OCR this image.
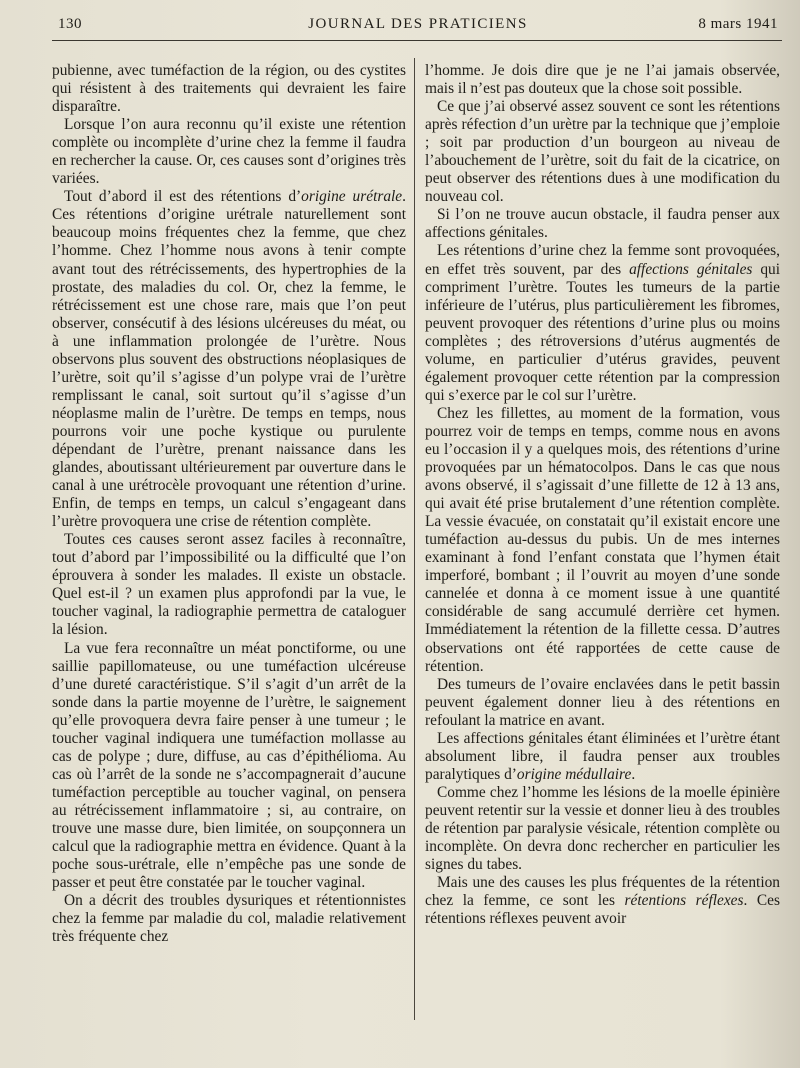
130	JOURNAL DES PRATICIENS	8 mars 1941

pubienne, avec tuméfaction de la région, ou des cystites qui résistent à des traitements qui devraient les faire disparaître.

Lorsque l’on aura reconnu qu’il existe une rétention complète ou incomplète d’urine chez la femme il faudra en rechercher la cause. Or, ces causes sont d’origines très variées.

Tout d’abord il est des rétentions d’origine urétrale. Ces rétentions d’origine urétrale naturellement sont beaucoup moins fréquentes chez la femme, que chez l’homme. Chez l’homme nous avons à tenir compte avant tout des rétrécissements, des hypertrophies de la prostate, des maladies du col. Or, chez la femme, le rétrécissement est une chose rare, mais que l’on peut observer, consécutif à des lésions ulcéreuses du méat, ou à une inflammation prolongée de l’urètre. Nous observons plus souvent des obstructions néoplasiques de l’urètre, soit qu’il s’agisse d’un polype vrai de l’urètre remplissant le canal, soit surtout qu’il s’agisse d’un néoplasme malin de l’urètre. De temps en temps, nous pourrons voir une poche kystique ou purulente dépendant de l’urètre, prenant naissance dans les glandes, aboutissant ultérieurement par ouverture dans le canal à une urétrocèle provoquant une rétention d’urine. Enfin, de temps en temps, un calcul s’engageant dans l’urètre provoquera une crise de rétention complète.

Toutes ces causes seront assez faciles à reconnaître, tout d’abord par l’impossibilité ou la difficulté que l’on éprouvera à sonder les malades. Il existe un obstacle. Quel est-il ? un examen plus approfondi par la vue, le toucher vaginal, la radiographie permettra de cataloguer la lésion.

La vue fera reconnaître un méat ponctiforme, ou une saillie papillomateuse, ou une tuméfaction ulcéreuse d’une dureté caractéristique. S’il s’agit d’un arrêt de la sonde dans la partie moyenne de l’urètre, le saignement qu’elle provoquera devra faire penser à une tumeur ; le toucher vaginal indiquera une tuméfaction mollasse au cas de polype ; dure, diffuse, au cas d’épithélioma. Au cas où l’arrêt de la sonde ne s’accompagnerait d’aucune tuméfaction perceptible au toucher vaginal, on pensera au rétrécissement inflammatoire ; si, au contraire, on trouve une masse dure, bien limitée, on soupçonnera un calcul que la radiographie mettra en évidence. Quant à la poche sous-urétrale, elle n’empêche pas une sonde de passer et peut être constatée par le toucher vaginal.

On a décrit des troubles dysuriques et rétentionnistes chez la femme par maladie du col, maladie relativement très fréquente chez

l’homme. Je dois dire que je ne l’ai jamais observée, mais il n’est pas douteux que la chose soit possible.

Ce que j’ai observé assez souvent ce sont les rétentions après réfection d’un urètre par la technique que j’emploie ; soit par production d’un bourgeon au niveau de l’abouchement de l’urètre, soit du fait de la cicatrice, on peut observer des rétentions dues à une modification du nouveau col.

Si l’on ne trouve aucun obstacle, il faudra penser aux affections génitales.

Les rétentions d’urine chez la femme sont provoquées, en effet très souvent, par des affections génitales qui compriment l’urètre. Toutes les tumeurs de la partie inférieure de l’utérus, plus particulièrement les fibromes, peuvent provoquer des rétentions d’urine plus ou moins complètes ; des rétroversions d’utérus augmentés de volume, en particulier d’utérus gravides, peuvent également provoquer cette rétention par la compression qui s’exerce par le col sur l’urètre.

Chez les fillettes, au moment de la formation, vous pourrez voir de temps en temps, comme nous en avons eu l’occasion il y a quelques mois, des rétentions d’urine provoquées par un hématocolpos. Dans le cas que nous avons observé, il s’agissait d’une fillette de 12 à 13 ans, qui avait été prise brutalement d’une rétention complète. La vessie évacuée, on constatait qu’il existait encore une tuméfaction au-dessus du pubis. Un de mes internes examinant à fond l’enfant constata que l’hymen était imperforé, bombant ; il l’ouvrit au moyen d’une sonde cannelée et donna à ce moment issue à une quantité considérable de sang accumulé derrière cet hymen. Immédiatement la rétention de la fillette cessa. D’autres observations ont été rapportées de cette cause de rétention.

Des tumeurs de l’ovaire enclavées dans le petit bassin peuvent également donner lieu à des rétentions en refoulant la matrice en avant.

Les affections génitales étant éliminées et l’urètre étant absolument libre, il faudra penser aux troubles paralytiques d’origine médullaire.

Comme chez l’homme les lésions de la moelle épinière peuvent retentir sur la vessie et donner lieu à des troubles de rétention par paralysie vésicale, rétention complète ou incomplète. On devra donc rechercher en particulier les signes du tabes.

Mais une des causes les plus fréquentes de la rétention chez la femme, ce sont les rétentions réflexes. Ces rétentions réflexes peuvent avoir
